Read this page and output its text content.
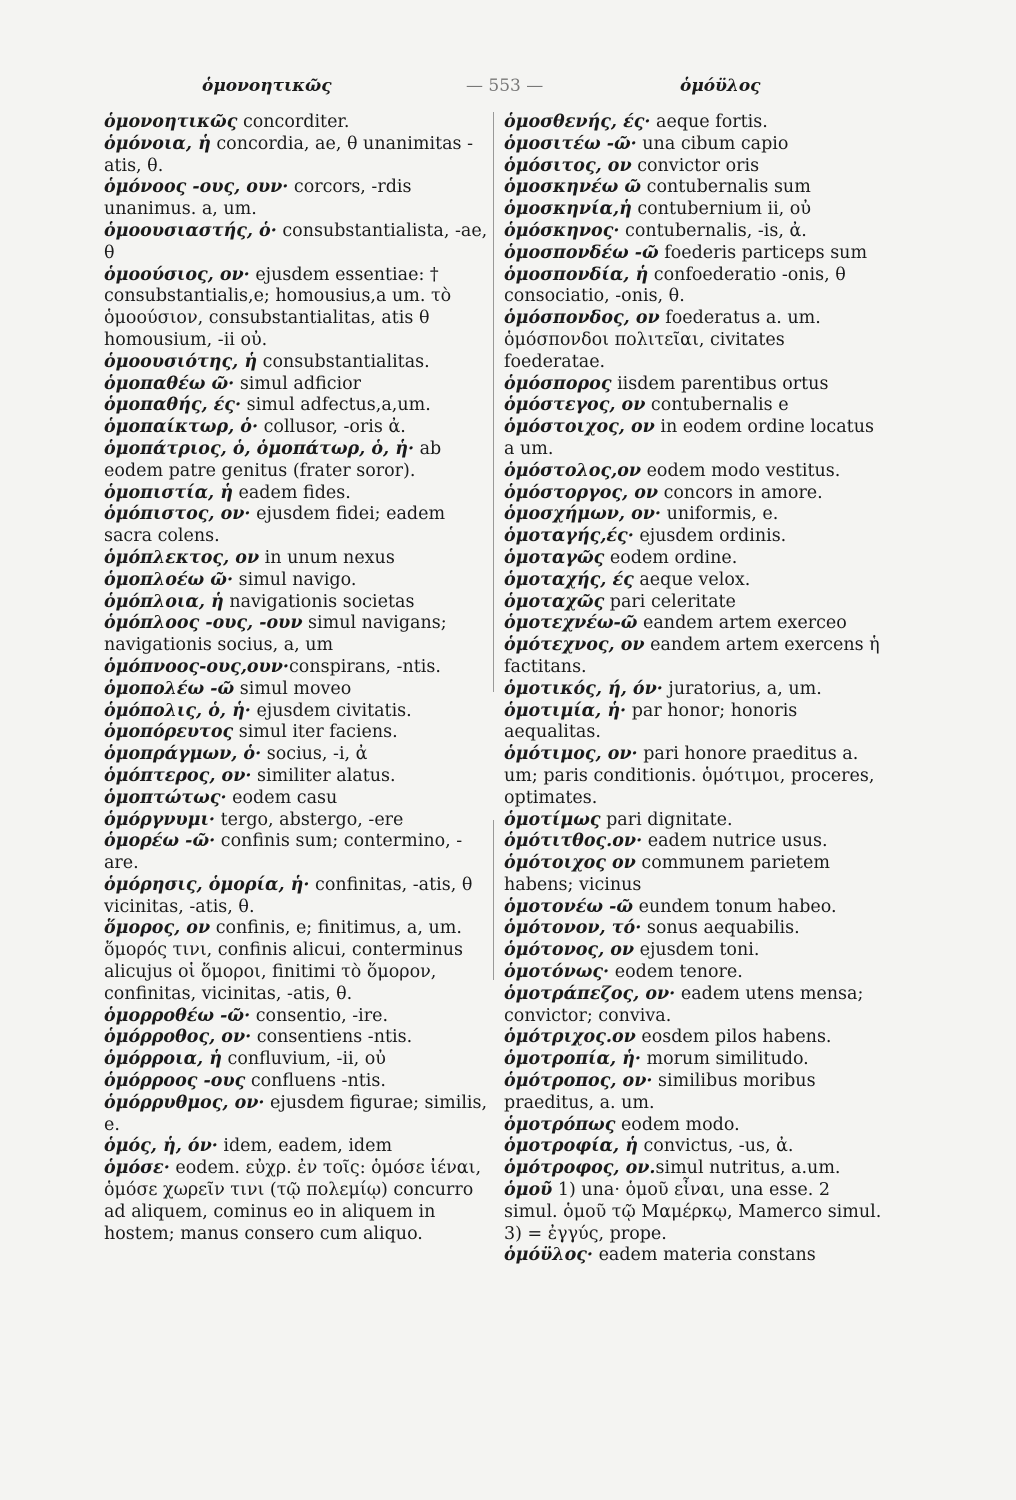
ὁμονοητικῶς	— 553 —	ὁμόϋλος

ὁμονοητικῶς concorditer.

ὁμόνοια, ἡ concordia, ae, θ unanimitas -atis, θ.

ὁμόνοος -ους, ουν· corcors, -rdis unanimus. a, um.

ὁμοουσιαστής, ὁ· consubstantialista, -ae, θ

ὁμοούσιος, ον· ejusdem essentiae: † consubstantialis,e; homousius,a um. τὸ ὁμοούσιον, consubstantialitas, atis θ homousium, -ii οὐ.

ὁμοουσιότης, ἡ consubstantialitas.

ὁμοπαθέω ῶ· simul adficior

ὁμοπαθής, ές· simul adfectus,a,um.

ὁμοπαίκτωρ, ὁ· collusor, -oris ἀ.

ὁμοπάτριος, ὁ, ὁμοπάτωρ, ὁ, ἡ· ab eodem patre genitus (frater soror).

ὁμοπιστία, ἡ eadem fides.

ὁμόπιστος, ον· ejusdem fidei; eadem sacra colens.

ὁμόπλεκτος, ον in unum nexus

ὁμοπλοέω ῶ· simul navigo.

ὁμόπλοια, ἡ navigationis societas

ὁμόπλοος -ους, -ουν simul navigans; navigationis socius, a, um

ὁμόπνοος-ους,ουν·conspirans, -ntis.

ὁμοπολέω -ῶ simul moveo

ὁμόπολις, ὁ, ἡ· ejusdem civitatis.

ὁμοπόρευτος simul iter faciens.

ὁμοπράγμων, ὁ· socius, -i, ἀ

ὁμόπτερος, ον· similiter alatus.

ὁμοπτώτως· eodem casu

ὁμόργνυμι· tergo, abstergo, -ere

ὁμορέω -ῶ· confinis sum; contermino, -are.

ὁμόρησις, ὁμορία, ἡ· confinitas, -atis, θ vicinitas, -atis, θ.

ὅμορος, ον confinis, e; finitimus, a, um. ὅμορός τινι, confinis alicui, conterminus alicujus οἱ ὅμοροι, finitimi τὸ ὅμορον, confinitas, vicinitas, -atis, θ.

ὁμορροθέω -ῶ· consentio, -ire.

ὁμόρροθος, ον· consentiens -ntis.

ὁμόρροια, ἡ confluvium, -ii, οὐ

ὁμόρροος -ους confluens -ntis.

ὁμόρρυθμος, ον· ejusdem figurae; similis, e.

ὁμός, ἡ, όν· idem, eadem, idem

ὁμόσε· eodem. εὐχρ. ἐν τοῖς: ὁμόσε ἰέναι, ὁμόσε χωρεῖν τινι (τῷ πολεμίῳ) concurro ad aliquem, cominus eo in aliquem in hostem; manus consero cum aliquo.

ὁμοσθενής, ές· aeque fortis.

ὁμοσιτέω -ῶ· una cibum capio

ὁμόσιτος, ον convictor oris

ὁμοσκηνέω ῶ contubernalis sum

ὁμοσκηνία,ἡ contubernium ii, οὐ

ὁμόσκηνος· contubernalis, -is, ἀ.

ὁμοσπονδέω -ῶ foederis particeps sum

ὁμοσπονδία, ἡ confoederatio -onis, θ consociatio, -onis, θ.

ὁμόσπονδος, ον foederatus a. um. ὁμόσπονδοι πολιτεῖαι, civitates foederatae.

ὁμόσπορος iisdem parentibus ortus

ὁμόστεγος, ον contubernalis e

ὁμόστοιχος, ον in eodem ordine locatus a um.

ὁμόστολος,ον eodem modo vestitus.

ὁμόστοργος, ον concors in amore.

ὁμοσχήμων, ον· uniformis, e.

ὁμοταγής,ές· ejusdem ordinis.

ὁμοταγῶς eodem ordine.

ὁμοταχής, ές aeque velox.

ὁμοταχῶς pari celeritate

ὁμοτεχνέω-ῶ eandem artem exerceo

ὁμότεχνος, ον eandem artem exercens ἡ factitans.

ὁμοτικός, ή, όν· juratorius, a, um.

ὁμοτιμία, ἡ· par honor; honoris aequalitas.

ὁμότιμος, ον· pari honore praeditus a. um; paris conditionis. ὁμότιμοι, proceres, optimates.

ὁμοτίμως pari dignitate.

ὁμότιτθος.ον· eadem nutrice usus.

ὁμότοιχος ον communem parietem habens; vicinus

ὁμοτονέω -ῶ eundem tonum habeo.

ὁμότονον, τό· sonus aequabilis.

ὁμότονος, ον ejusdem toni.

ὁμοτόνως· eodem tenore.

ὁμοτράπεζος, ον· eadem utens mensa; convictor; conviva.

ὁμότριχος.ον eosdem pilos habens.

ὁμοτροπία, ἡ· morum similitudo.

ὁμότροπος, ον· similibus moribus praeditus, a. um.

ὁμοτρόπως eodem modo.

ὁμοτροφία, ἡ convictus, -us, ἀ.

ὁμότροφος, ον.simul nutritus, a.um.

ὁμοῦ 1) una· ὁμοῦ εἶναι, una esse. 2 simul. ὁμοῦ τῷ Μαμέρκῳ, Mamerco simul. 3) = ἐγγύς, prope.

ὁμόϋλος· eadem materia constans
